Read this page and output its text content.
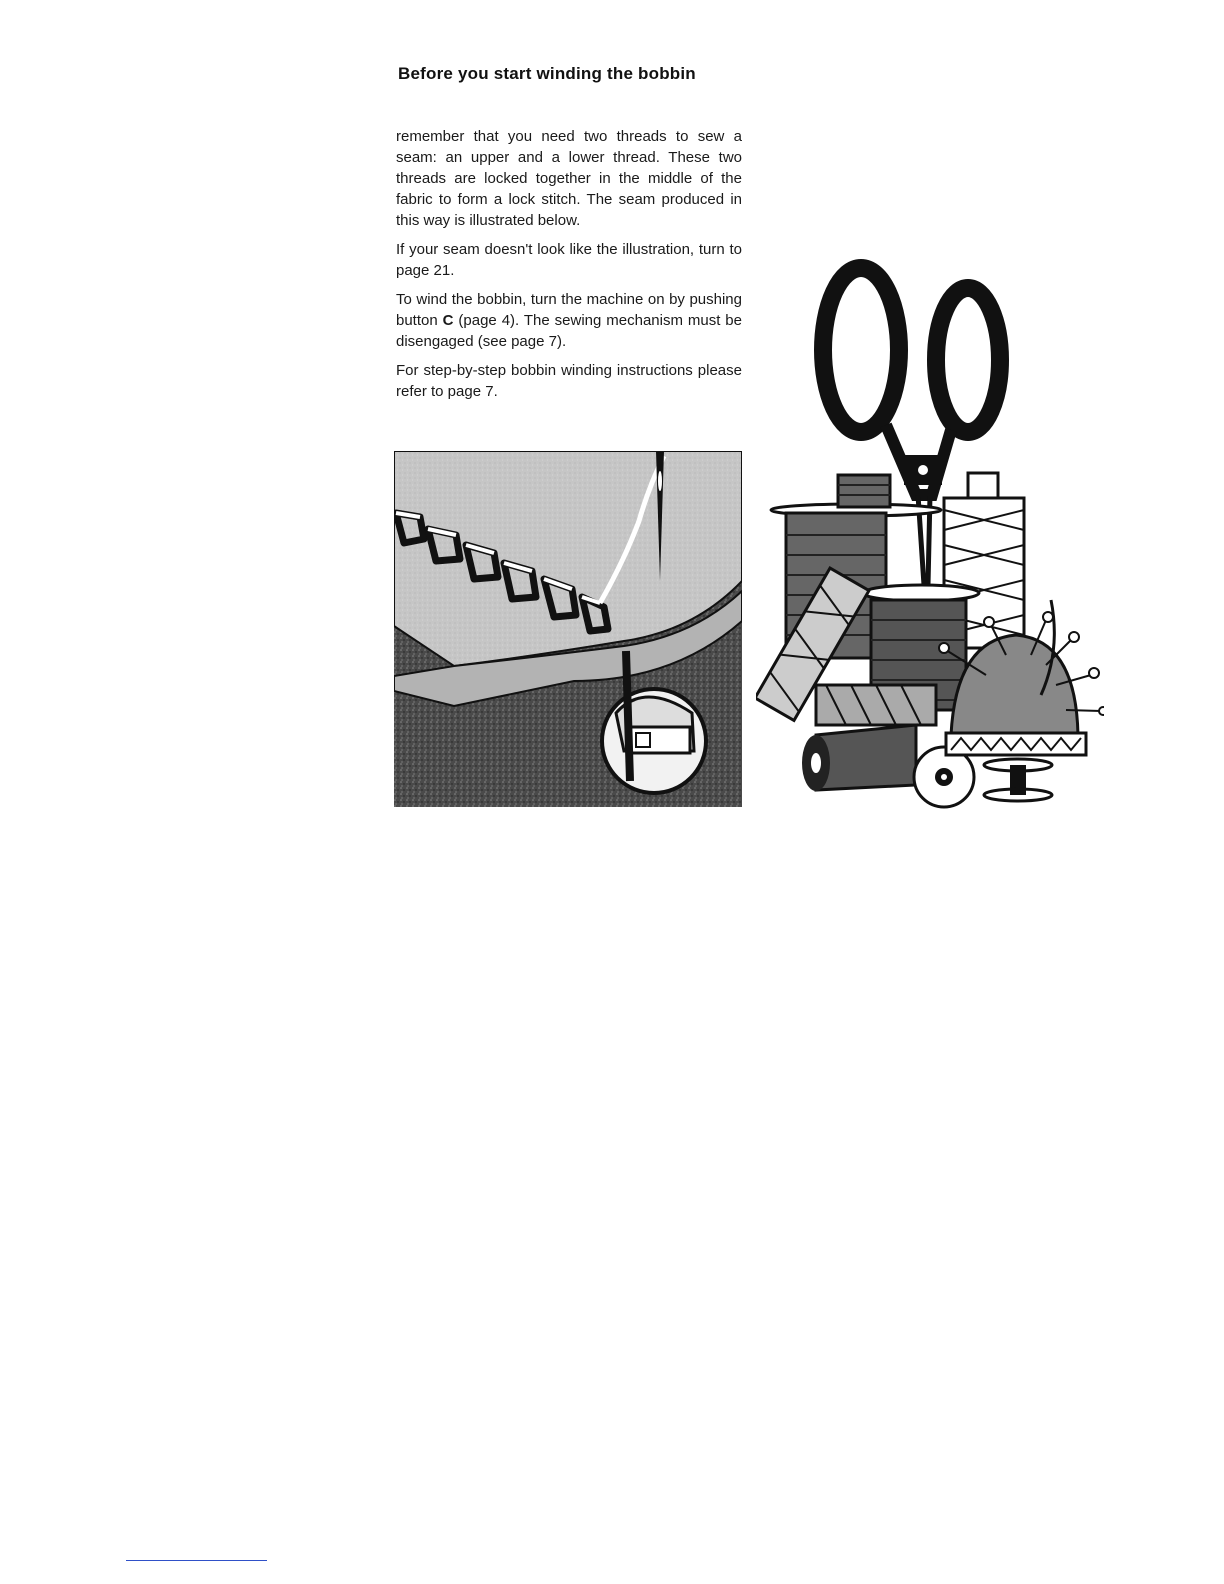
Before you start winding the bobbin

remember that you need two threads to sew a seam: an upper and a lower thread. These two threads are locked together in the middle of the fabric to form a lock stitch. The seam produced in this way is illustrated below.

If your seam doesn't look like the illustration, turn to page 21.

To wind the bobbin, turn the machine on by pushing button C (page 4). The sewing mechanism must be disengaged (see page 7).

For step-by-step bobbin winding instructions please refer to page 7.
